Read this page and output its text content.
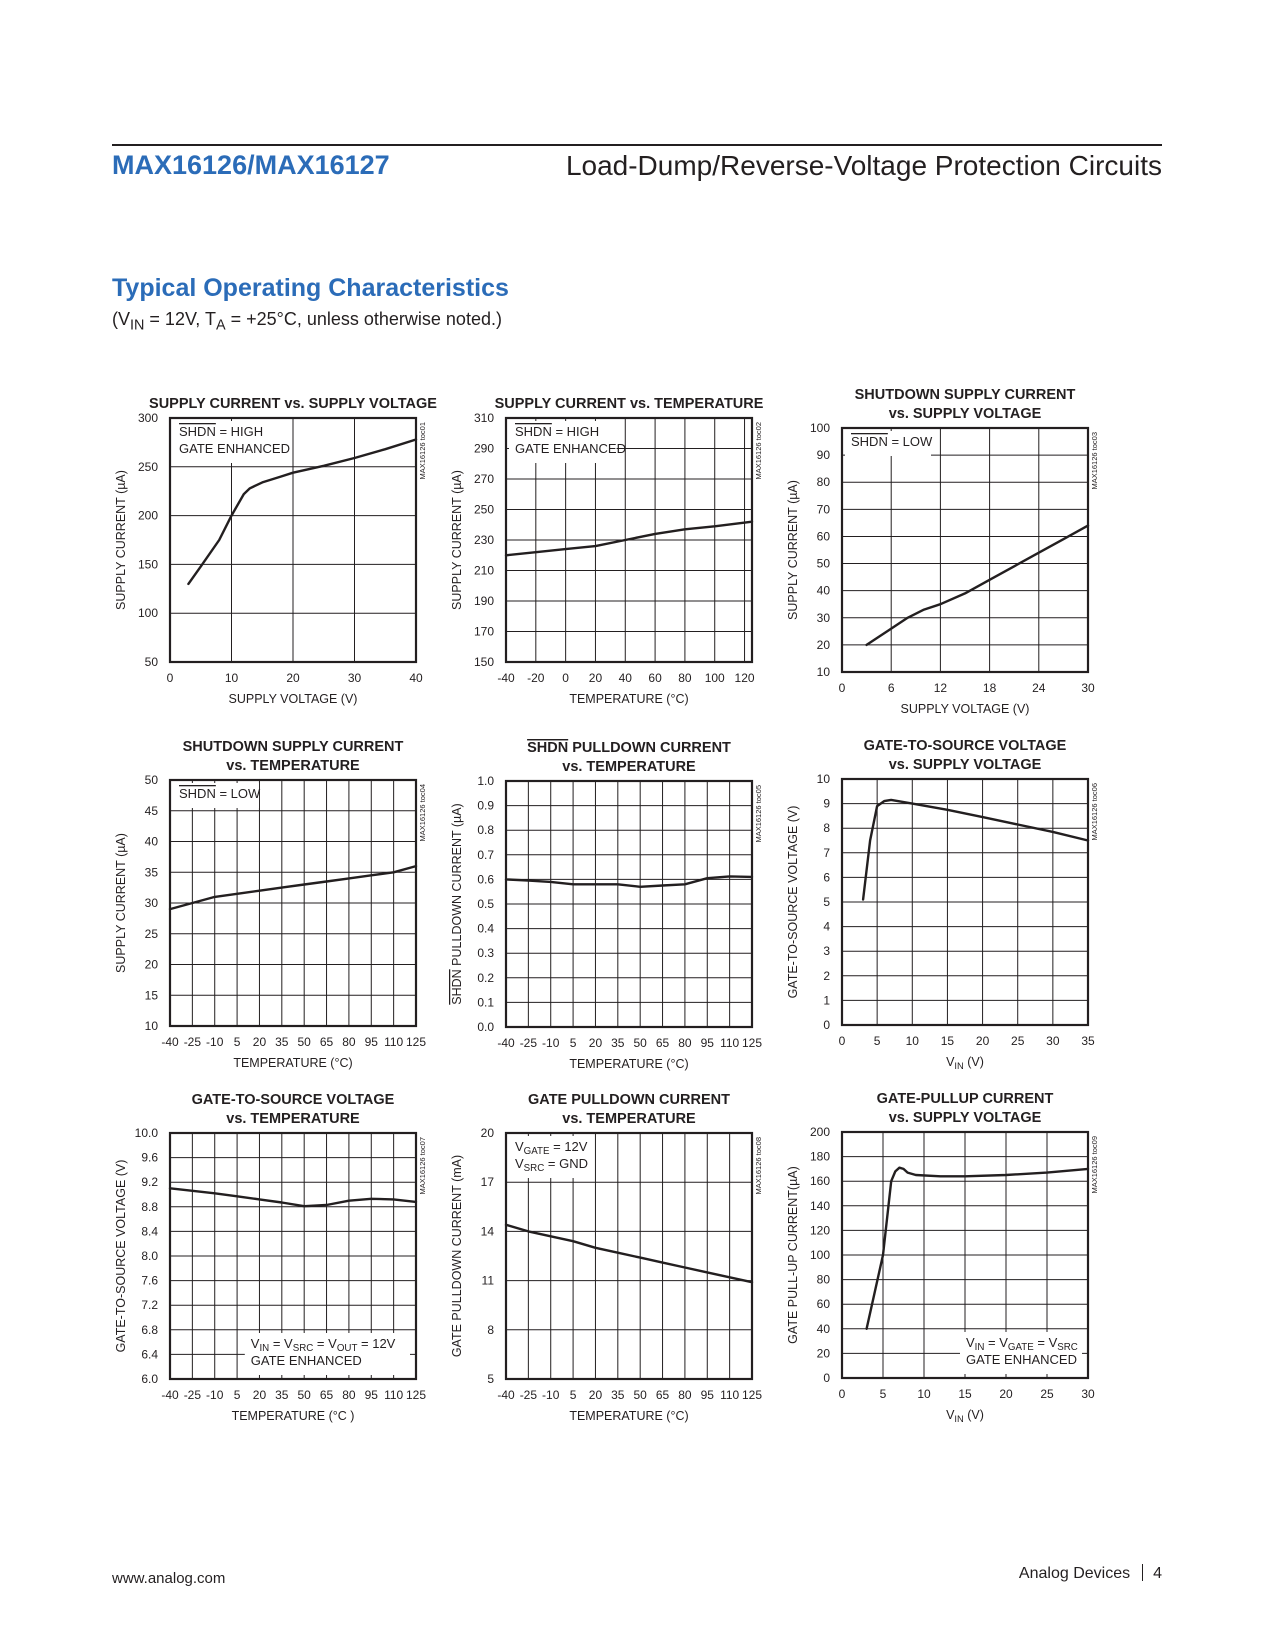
MAX16126/MAX16127	Load-Dump/Reverse-Voltage Protection Circuits
Typical Operating Characteristics
($V_{IN} = 12V$, $T_A = +25^\circ C$, unless otherwise noted.)
SUPPLY CURRENT vs. SUPPLY VOLTAGE
0	10	20	30	40
50
100
150
200
250
300
SHDN = HIGH
GATE ENHANCED
SUPPLY VOLTAGE (V)
SUPPLY CURRENT (µA)
MAX16126 toc01
SUPPLY CURRENT vs. TEMPERATURE
-40 -20 0 20 40 60 80 100 120
150
170
190
210
230
250
270
290
310
SHDN = HIGH
GATE ENHANCED
TEMPERATURE (°C)
SUPPLY CURRENT (µA)
MAX16126 toc02
SHUTDOWN SUPPLY CURRENT
vs. SUPPLY VOLTAGE
0	6	12	18	24	30
10
20
30
40
50
60
70
80
90
100
SHDN = LOW
SUPPLY VOLTAGE (V)
SUPPLY CURRENT (µA)
MAX16126 toc03
SHUTDOWN SUPPLY CURRENT
vs. TEMPERATURE
-40 -25 -10 5 20 35 50 65 80 95 110 125
10
15
20
25
30
35
40
45
50
SHDN = LOW
TEMPERATURE (°C)
SUPPLY CURRENT (µA)
MAX16126 toc04
SHDN PULLDOWN CURRENT
vs. TEMPERATURE
-40 -25 -10 5 20 35 50 65 80 95 110 125
0.0
0.1
0.2
0.3
0.4
0.5
0.6
0.7
0.8
0.9
1.0
TEMPERATURE (°C)
SHDN PULLDOWN CURRENT (µA)	MAX16126 toc05
GATE-TO-SOURCE VOLTAGE
vs. SUPPLY VOLTAGE
0 5 10 15 20 25 30 35
0
1
2
3
4
5
6
7
8
9
10
$V_{IN}$ (V)
GATE-TO-SOURCE VOLTAGE (V)	MAX16126 toc06
GATE-TO-SOURCE VOLTAGE
vs. TEMPERATURE
-40 -25 -10 5 20 35 50 65 80 95 110 125
6.0
6.4
6.8
7.2
7.6
8.0
8.4
8.8
9.2
9.6
10.0
$V_{IN} = V_{SRC} = V_{OUT} = 12V$
GATE ENHANCED
TEMPERATURE (°C )
GATE-TO-SOURCE VOLTAGE (V)	MAX16126 toc07
GATE PULLDOWN CURRENT
vs. TEMPERATURE
-40 -25 -10 5 20 35 50 65 80 95 110 125
5
8
11
14
17
20
$V_{GATE} = 12V$
$V_{SRC}$ = GND
TEMPERATURE (°C)
GATE PULLDOWN CURRENT (mA)	MAX16126 toc08
GATE-PULLUP CURRENT
vs. SUPPLY VOLTAGE
0	5	10 15 20 25 30
0
20
40
60
80
100
120
140
160
180
200
$V_{IN} = V_{GATE} = V_{SRC}$
GATE ENHANCED
$V_{IN}$ (V)
GATE PULL-UP CURRENT(µA)
MAX16126 toc09
www.analog.com	Analog Devices 4
